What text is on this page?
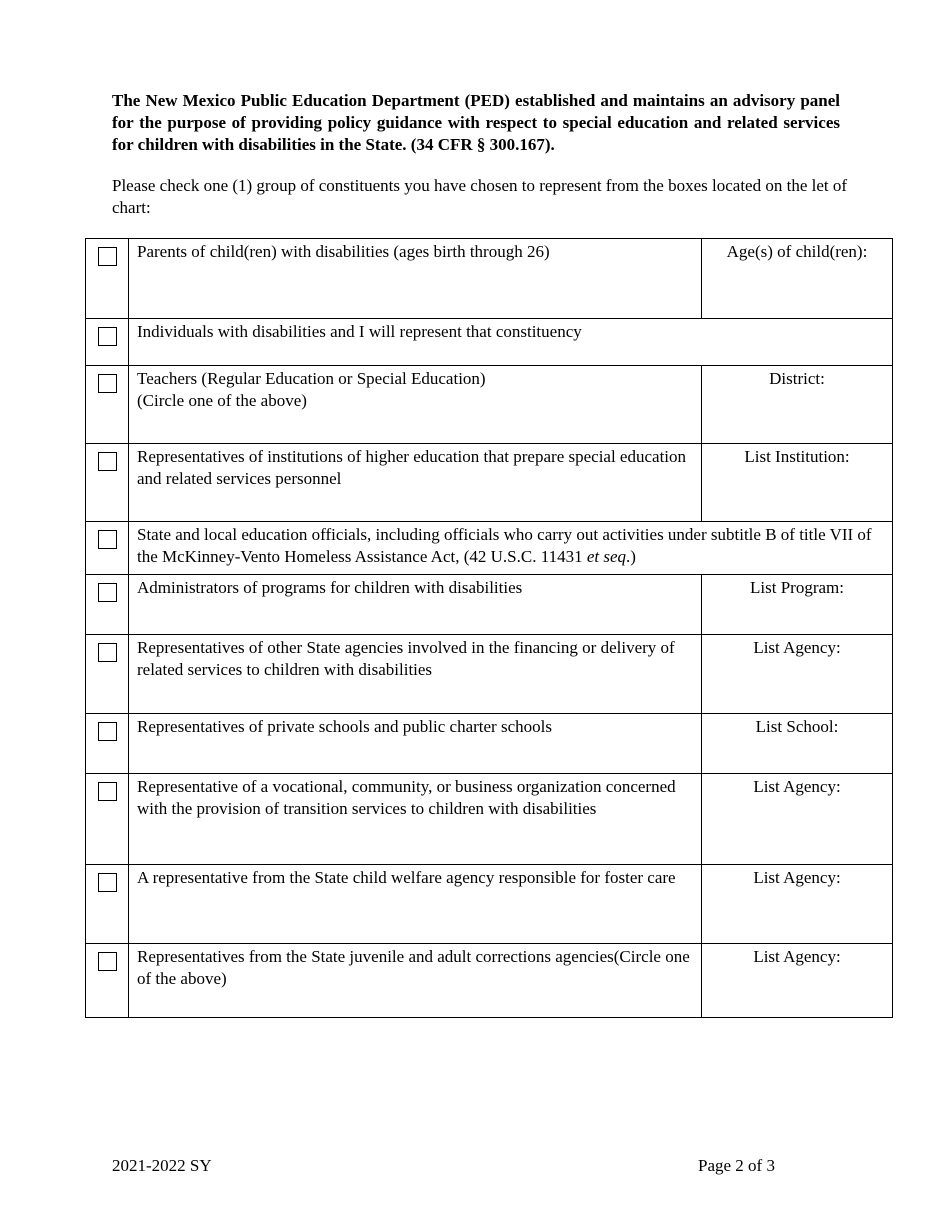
The New Mexico Public Education Department (PED) established and maintains an advisory panel for the purpose of providing policy guidance with respect to special education and related services for children with disabilities in the State. (34 CFR § 300.167).

Please check one (1) group of constituents you have chosen to represent from the boxes located on the let of chart:

	Parents of child(ren) with disabilities (ages birth through 26)	Age(s) of child(ren):

	Individuals with disabilities and I will represent that constituency	

	Teachers (Regular Education or Special Education)
(Circle one of the above)	District:

	Representatives of institutions of higher education that prepare special education and related services personnel	List Institution:

	State and local education officials, including officials who carry out activities under subtitle B of title VII of the McKinney-Vento Homeless Assistance Act, (42 U.S.C. 11431 et seq.)	

	Administrators of programs for children with disabilities	List Program:

	Representatives of other State agencies involved in the financing or delivery of related services to children with disabilities	List Agency:

	Representatives of private schools and public charter schools	List School:

	Representative of a vocational, community, or business organization concerned with the provision of transition services to children with disabilities	List Agency:

	A representative from the State child welfare agency responsible for foster care	List Agency:

	Representatives from the State juvenile and adult corrections agencies(Circle one of the above)	List Agency:
2021-2022 SY	Page 2 of 3
